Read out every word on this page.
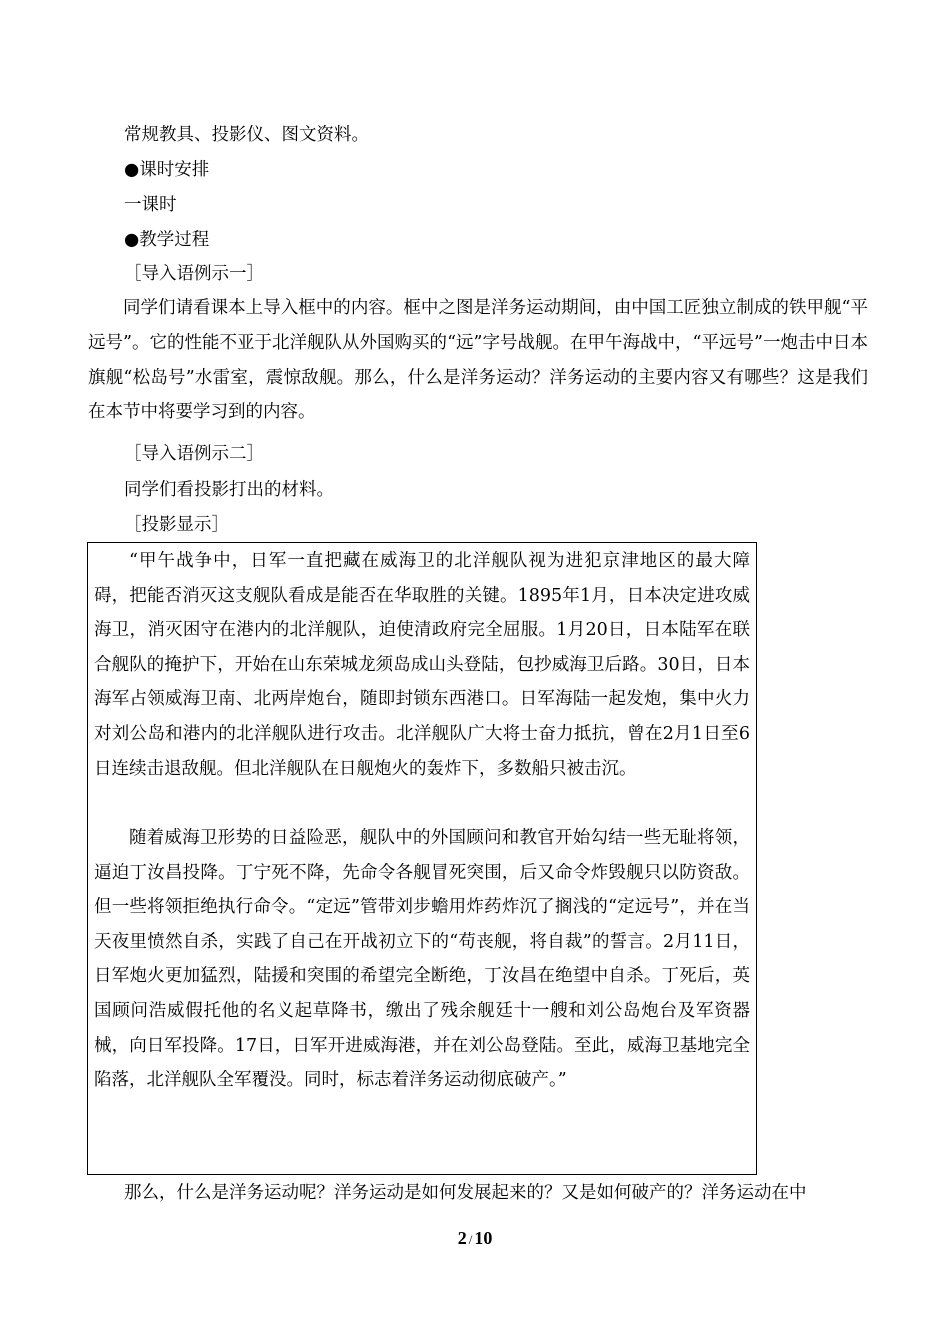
常规教具、投影仪、图文资料。
●课时安排
一课时
●教学过程
［导入语例示一］
同学们请看课本上导入框中的内容。框中之图是洋务运动期间，由中国工匠独立制成的铁甲舰“平远号”。它的性能不亚于北洋舰队从外国购买的“远”字号战舰。在甲午海战中，“平远号”一炮击中日本旗舰“松岛号”水雷室，震惊敌舰。那么，什么是洋务运动？洋务运动的主要内容又有哪些？这是我们在本节中将要学习到的内容。
［导入语例示二］
同学们看投影打出的材料。
［投影显示］
“甲午战争中，日军一直把藏在威海卫的北洋舰队视为进犯京津地区的最大障碍，把能否消灭这支舰队看成是能否在华取胜的关键。1895年1月，日本决定进攻威海卫，消灭困守在港内的北洋舰队，迫使清政府完全屈服。1月20日，日本陆军在联合舰队的掩护下，开始在山东荣城龙须岛成山头登陆，包抄威海卫后路。30日，日本海军占领威海卫南、北两岸炮台，随即封锁东西港口。日军海陆一起发炮，集中火力对刘公岛和港内的北洋舰队进行攻击。北洋舰队广大将士奋力抵抗，曾在2月1日至6日连续击退敌舰。但北洋舰队在日舰炮火的轰炸下，多数船只被击沉。
随着威海卫形势的日益险恶，舰队中的外国顾问和教官开始勾结一些无耻将领，逼迫丁汝昌投降。丁宁死不降，先命令各舰冒死突围，后又命令炸毁舰只以防资敌。但一些将领拒绝执行命令。“定远”管带刘步蟾用炸药炸沉了搁浅的“定远号”，并在当天夜里愤然自杀，实践了自己在开战初立下的“苟丧舰，将自裁”的誓言。2月11日，日军炮火更加猛烈，陆援和突围的希望完全断绝，丁汝昌在绝望中自杀。丁死后，英国顾问浩威假托他的名义起草降书，缴出了残余舰廷十一艘和刘公岛炮台及军资器械，向日军投降。17日，日军开进威海港，并在刘公岛登陆。至此，威海卫基地完全陷落，北洋舰队全军覆没。同时，标志着洋务运动彻底破产。”
那么，什么是洋务运动呢？洋务运动是如何发展起来的？又是如何破产的？洋务运动在中
2 / 10
